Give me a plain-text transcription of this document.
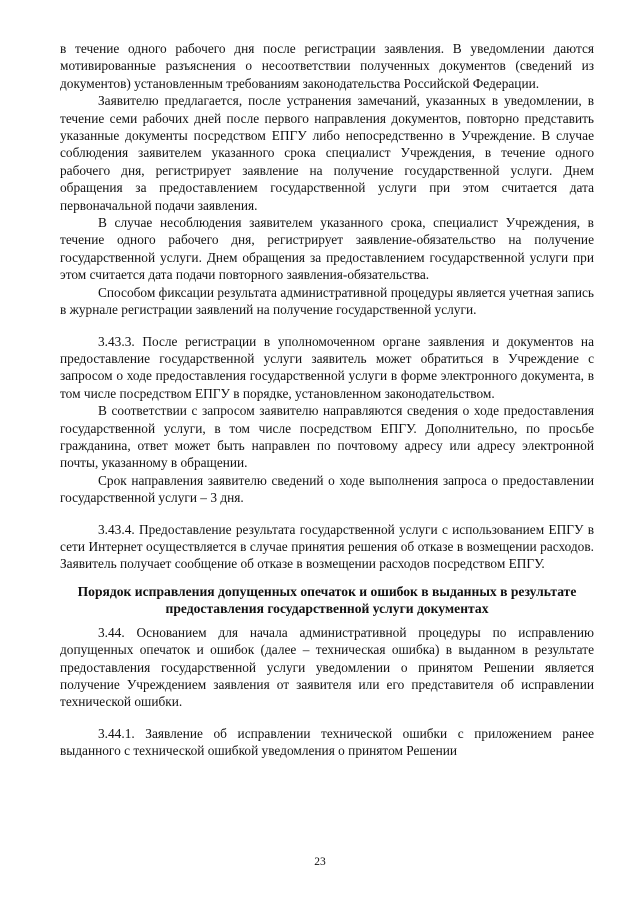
в течение одного рабочего дня после регистрации заявления. В уведомлении даются мотивированные разъяснения о несоответствии полученных документов (сведений из документов) установленным требованиям законодательства Российской Федерации.

Заявителю предлагается, после устранения замечаний, указанных в уведомлении, в течение семи рабочих дней после первого направления документов, повторно представить указанные документы посредством ЕПГУ либо непосредственно в Учреждение. В случае соблюдения заявителем указанного срока специалист Учреждения, в течение одного рабочего дня, регистрирует заявление на получение государственной услуги. Днем обращения за предоставлением государственной услуги при этом считается дата первоначальной подачи заявления.

В случае несоблюдения заявителем указанного срока, специалист Учреждения, в течение одного рабочего дня, регистрирует заявление-обязательство на получение государственной услуги. Днем обращения за предоставлением государственной услуги при этом считается дата подачи повторного заявления-обязательства.

Способом фиксации результата административной процедуры является учетная запись в журнале регистрации заявлений на получение государственной услуги.

3.43.3. После регистрации в уполномоченном органе заявления и документов на предоставление государственной услуги заявитель может обратиться в Учреждение с запросом о ходе предоставления государственной услуги в форме электронного документа, в том числе посредством ЕПГУ в порядке, установленном законодательством.

В соответствии с запросом заявителю направляются сведения о ходе предоставления государственной услуги, в том числе посредством ЕПГУ. Дополнительно, по просьбе гражданина, ответ может быть направлен по почтовому адресу или адресу электронной почты, указанному в обращении.

Срок направления заявителю сведений о ходе выполнения запроса о предоставлении государственной услуги – 3 дня.

3.43.4. Предоставление результата государственной услуги с использованием ЕПГУ в сети Интернет осуществляется в случае принятия решения об отказе в возмещении расходов. Заявитель получает сообщение об отказе в возмещении расходов посредством ЕПГУ.

Порядок исправления допущенных опечаток и ошибок в выданных в результате предоставления государственной услуги документах

3.44. Основанием для начала административной процедуры по исправлению допущенных опечаток и ошибок (далее – техническая ошибка) в выданном в результате предоставления государственной услуги уведомлении о принятом Решении является получение Учреждением заявления от заявителя или его представителя об исправлении технической ошибки.

3.44.1. Заявление об исправлении технической ошибки с приложением ранее выданного с технической ошибкой уведомления о принятом Решении

23
